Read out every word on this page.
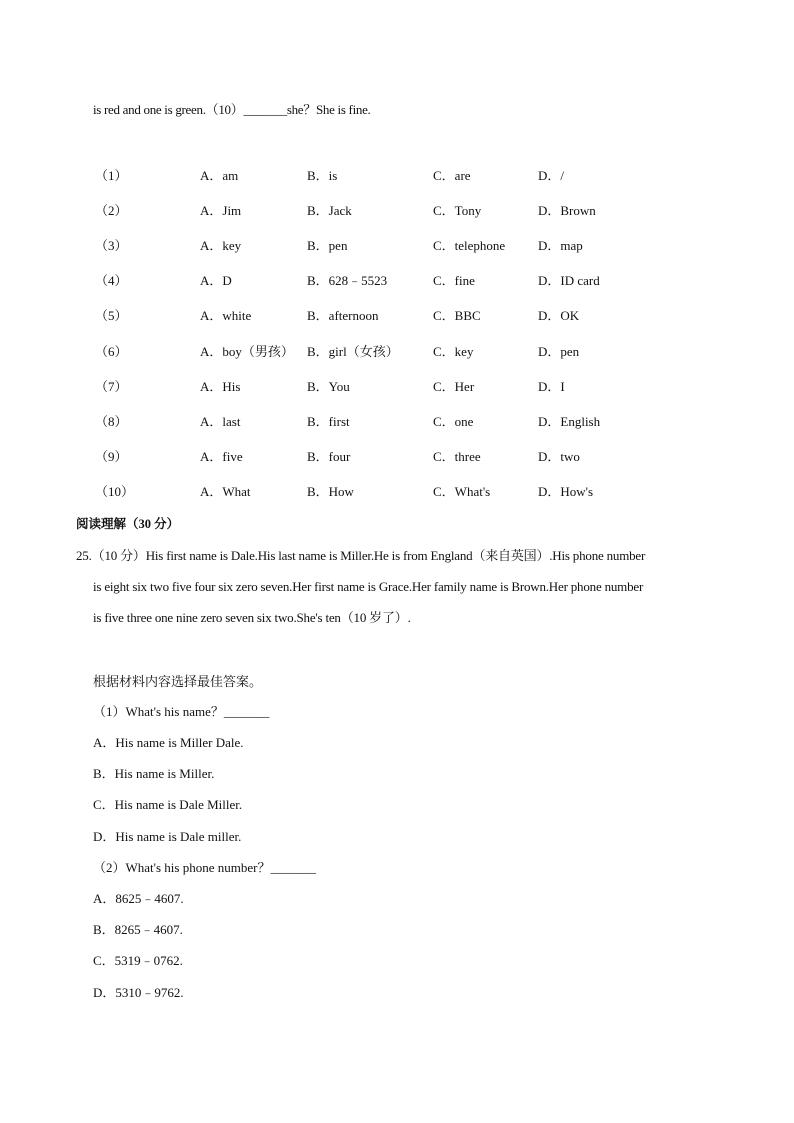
is red and one is green.（10）_______she？She is fine.
（1）	A．am	B．is	C．are	D．/
（2）	A．Jim	B．Jack	C．Tony	D．Brown
（3）	A．key	B．pen	C．telephone	D．map
（4）	A．D	B．628﹣5523	C．fine	D．ID card
（5）	A．white	B．afternoon	C．BBC	D．OK
（6）	A．boy（男孩） B．girl（女孩）	C．key	D．pen
（7）	A．His	B．You	C．Her	D．I
（8）	A．last	B．first	C．one	D．English
（9）	A．five	B．four	C．three	D．two
（10）	A．What	B．How	C．What's	D．How's
阅读理解（30 分）
25.（10 分）His first name is Dale.His last name is Miller.He is from England（来自英国）.His phone number
is eight six two five four six zero seven.Her first name is Grace.Her family name is Brown.Her phone number
is five three one nine zero seven six two.She's ten（10 岁了）.
根据材料内容选择最佳答案。
（1）What's his name？_______
A．His name is Miller Dale.
B．His name is Miller.
C．His name is Dale Miller.
D．His name is Dale miller.
（2）What's his phone number？_______
A．8625﹣4607.
B．8265﹣4607.
C．5319﹣0762.
D．5310﹣9762.
